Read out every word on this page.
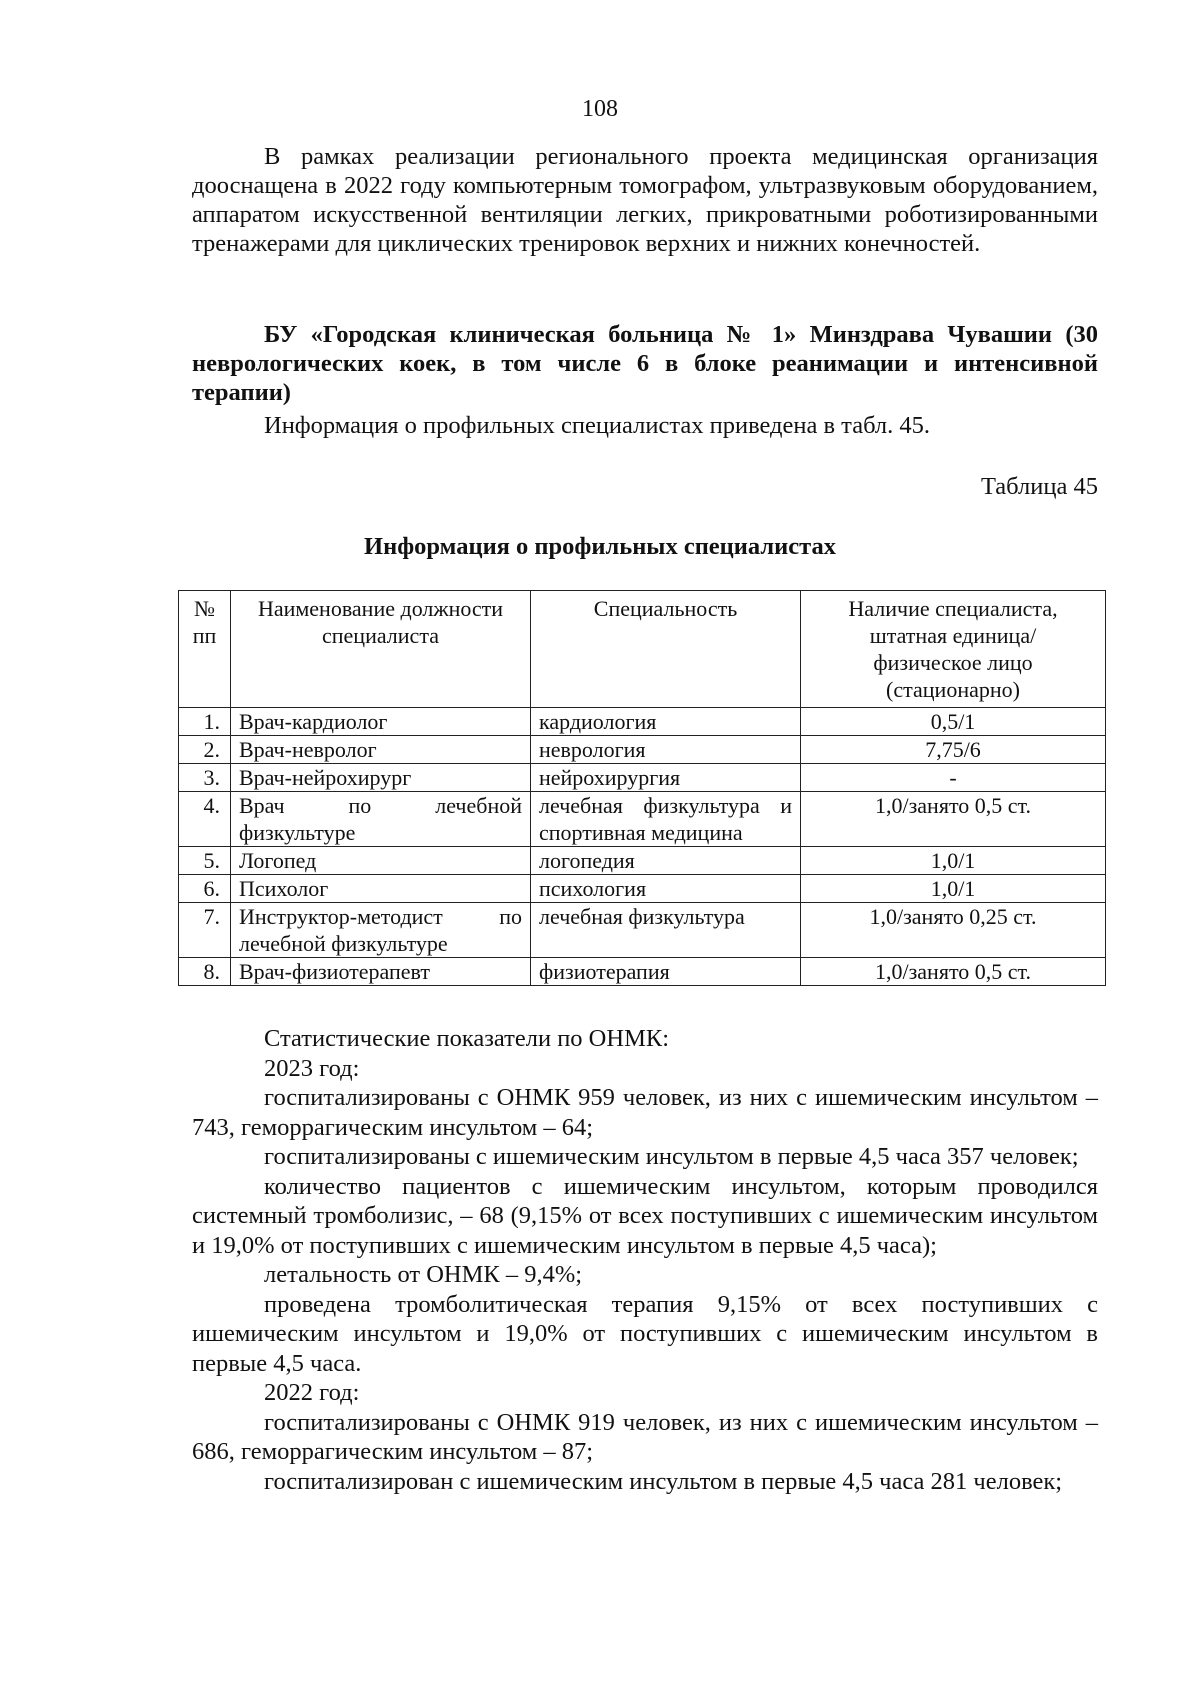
108

В рамках реализации регионального проекта медицинская организация дооснащена в 2022 году компьютерным томографом, ультразвуковым оборудованием, аппаратом искусственной вентиляции легких, прикроватными роботизированными тренажерами для циклических тренировок верхних и нижних конечностей.

БУ «Городская клиническая больница № 1» Минздрава Чувашии (30 неврологических коек, в том числе 6 в блоке реанимации и интенсивной терапии)

Информация о профильных специалистах приведена в табл. 45.

Таблица 45
Информация о профильных специалистах
№ пп	Наименование должности специалиста	Специальность	Наличие специалиста, штатная единица/физическое лицо (стационарно)
1.	Врач-кардиолог	кардиология	0,5/1
2.	Врач-невролог	неврология	7,75/6
3.	Врач-нейрохирург	нейрохирургия	-
4.	Врач по лечебной физкультуре	лечебная физкультура и спортивная медицина	1,0/занято 0,5 ст.
5.	Логопед	логопедия	1,0/1
6.	Психолог	психология	1,0/1
7.	Инструктор-методист по лечебной физкультуре	лечебная физкультура	1,0/занято 0,25 ст.
8.	Врач-физиотерапевт	физиотерапия	1,0/занято 0,5 ст.

Статистические показатели по ОНМК:

2023 год:

госпитализированы с ОНМК 959 человек, из них с ишемическим инсультом – 743, геморрагическим инсультом – 64;

госпитализированы с ишемическим инсультом в первые 4,5 часа 357 человек;

количество пациентов с ишемическим инсультом, которым проводился системный тромболизис, – 68 (9,15% от всех поступивших с ишемическим инсультом и 19,0% от поступивших с ишемическим инсультом в первые 4,5 часа);

летальность от ОНМК – 9,4%;

проведена тромболитическая терапия 9,15% от всех поступивших с ишемическим инсультом и 19,0% от поступивших с ишемическим инсультом в первые 4,5 часа.

2022 год:

госпитализированы с ОНМК 919 человек, из них с ишемическим инсультом – 686, геморрагическим инсультом – 87;

госпитализирован с ишемическим инсультом в первые 4,5 часа 281 человек;
